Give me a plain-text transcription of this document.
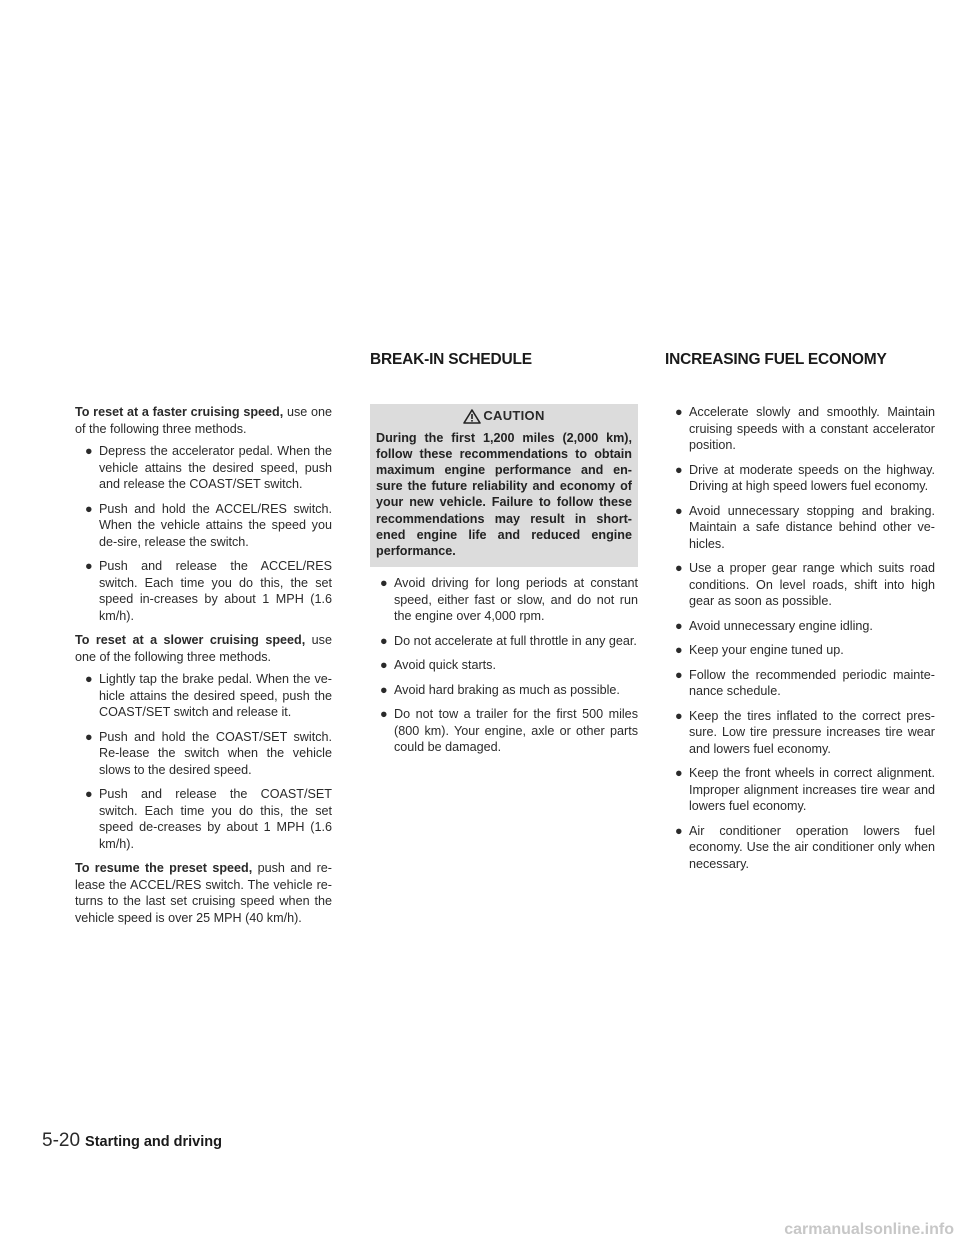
BREAK-IN SCHEDULE	INCREASING FUEL ECONOMY

To reset at a faster cruising speed, use one of the following three methods.

● Depress the accelerator pedal. When the vehicle attains the desired speed, push and release the COAST/SET switch.
● Push and hold the ACCEL/RES switch. When the vehicle attains the speed you de-sire, release the switch.
● Push and release the ACCEL/RES switch. Each time you do this, the set speed in-creases by about 1 MPH (1.6 km/h).

To reset at a slower cruising speed, use one of the following three methods.

● Lightly tap the brake pedal. When the ve-hicle attains the desired speed, push the COAST/SET switch and release it.
● Push and hold the COAST/SET switch. Re-lease the switch when the vehicle slows to the desired speed.
● Push and release the COAST/SET switch. Each time you do this, the set speed de-creases by about 1 MPH (1.6 km/h).

To resume the preset speed, push and re-lease the ACCEL/RES switch. The vehicle re-turns to the last set cruising speed when the vehicle speed is over 25 MPH (40 km/h).

CAUTION
During the first 1,200 miles (2,000 km), follow these recommendations to obtain maximum engine performance and en-sure the future reliability and economy of your new vehicle. Failure to follow these recommendations may result in short-ened engine life and reduced engine performance.
● Avoid driving for long periods at constant speed, either fast or slow, and do not run the engine over 4,000 rpm.
● Do not accelerate at full throttle in any gear.
● Avoid quick starts.
● Avoid hard braking as much as possible.
● Do not tow a trailer for the first 500 miles (800 km). Your engine, axle or other parts could be damaged.
● Accelerate slowly and smoothly. Maintain cruising speeds with a constant accelerator position.
● Drive at moderate speeds on the highway. Driving at high speed lowers fuel economy.
● Avoid unnecessary stopping and braking. Maintain a safe distance behind other ve-hicles.
● Use a proper gear range which suits road conditions. On level roads, shift into high gear as soon as possible.
● Avoid unnecessary engine idling.
● Keep your engine tuned up.
● Follow the recommended periodic mainte-nance schedule.
● Keep the tires inflated to the correct pres-sure. Low tire pressure increases tire wear and lowers fuel economy.
● Keep the front wheels in correct alignment. Improper alignment increases tire wear and lowers fuel economy.
● Air conditioner operation lowers fuel economy. Use the air conditioner only when necessary.
5-20 Starting and driving
carmanualsonline.info
